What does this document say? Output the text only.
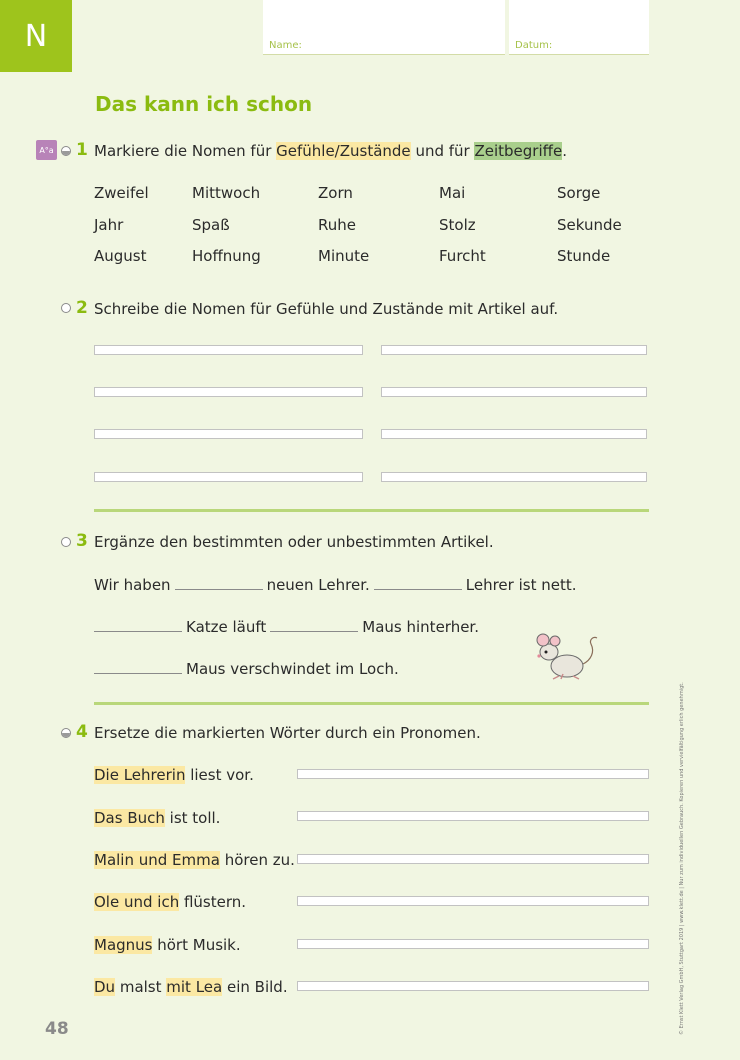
N	Name:	Datum:
Das kann ich schon
A°a 1 Markiere die Nomen für Gefühle/Zustände und für Zeitbegriffe.
Zweifel	Mittwoch	Zorn	Mai	Sorge
Jahr	Spaß	Ruhe	Stolz	Sekunde
August	Hoffnung	Minute	Furcht	Stunde
2 Schreibe die Nomen für Gefühle und Zustände mit Artikel auf.
3 Ergänze den bestimmten oder unbestimmten Artikel.
Wir haben	neuen Lehrer.	Lehrer ist nett.
Katze läuft	Maus hinterher.
Maus verschwindet im Loch.
4 Ersetze die markierten Wörter durch ein Pronomen.
Die Lehrerin liest vor.
Das Buch ist toll.
Malin und Emma hören zu.
Ole und ich flüstern.
Magnus hört Musik.
Du malst mit Lea ein Bild.
48	© Ernst Klett Verlag GmbH, Stuttgart 2019 | www.klett.de | Nur zum individuellen Gebrauch. Kopieren und vervielfältigung erlich genehmigt.
